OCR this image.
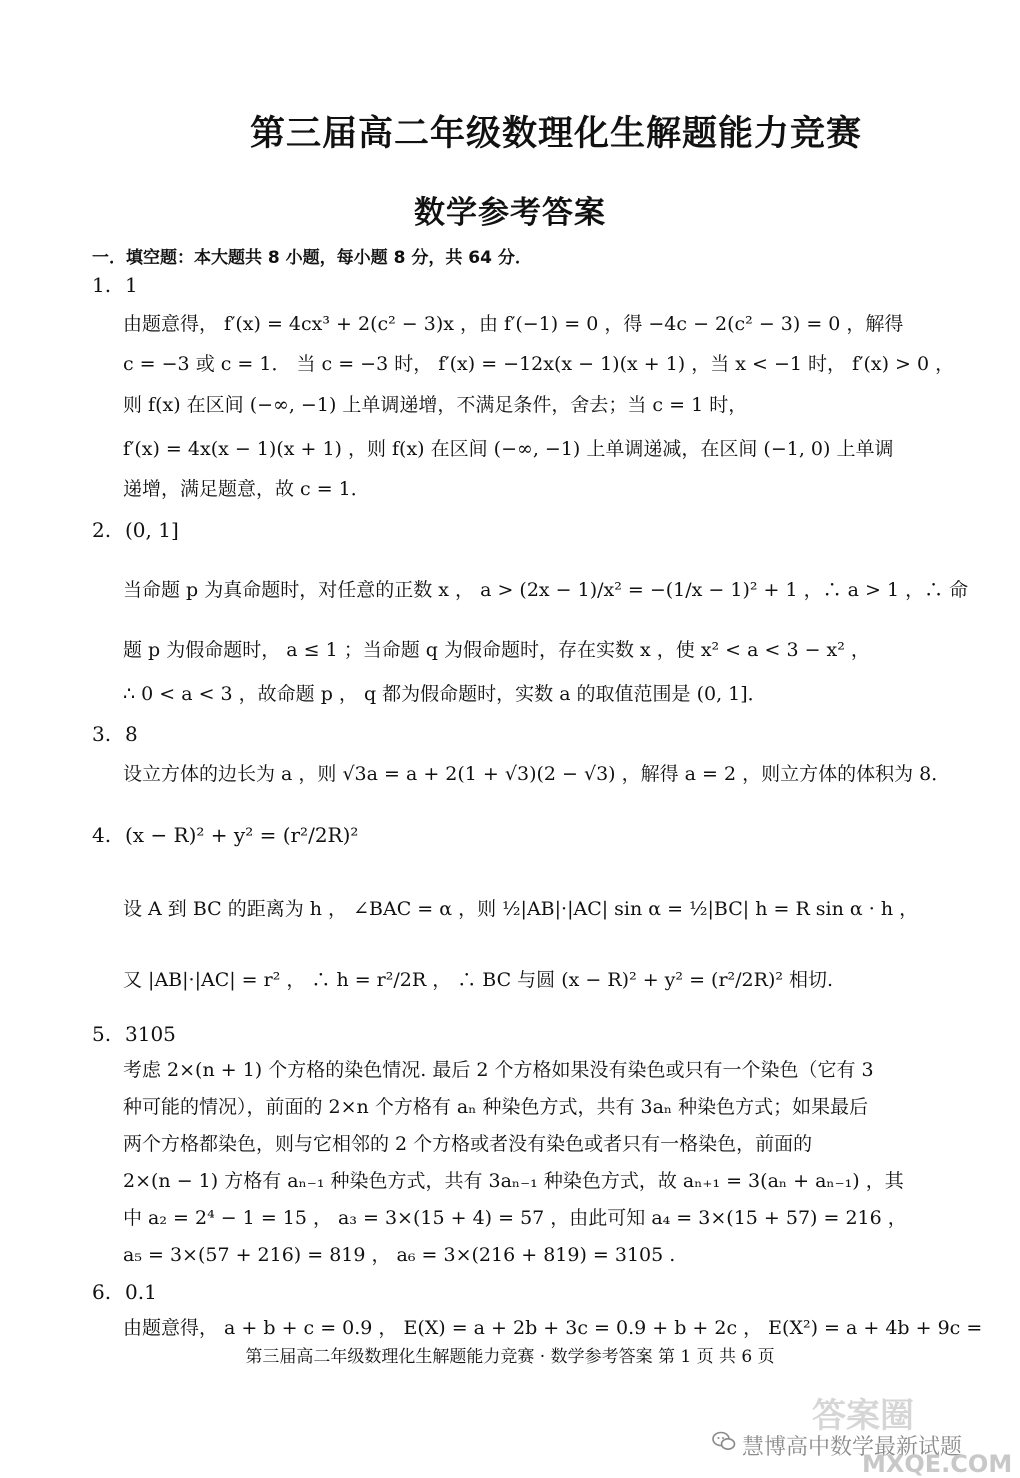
第三届高二年级数理化生解题能力竞赛
数学参考答案
一．填空题：本大题共 8 小题，每小题 8 分，共 64 分．
1. 1
由题意得， f′(x) = 4cx³ + 2(c² − 3)x ，由 f′(−1) = 0 ，得 −4c − 2(c² − 3) = 0 ，解得
c = −3 或 c = 1． 当 c = −3 时， f′(x) = −12x(x − 1)(x + 1) ，当 x < −1 时， f′(x) > 0 ，
则 f(x) 在区间 (−∞, −1) 上单调递增，不满足条件，舍去；当 c = 1 时，
f′(x) = 4x(x − 1)(x + 1) ，则 f(x) 在区间 (−∞, −1) 上单调递减，在区间 (−1, 0) 上单调
递增，满足题意，故 c = 1．
2. (0, 1]
当命题 p 为真命题时，对任意的正数 x ， a > (2x − 1)/x² = −(1/x − 1)² + 1 ，∴ a > 1 ，∴ 命
题 p 为假命题时， a ≤ 1 ；当命题 q 为假命题时，存在实数 x ，使 x² < a < 3 − x² ，
∴ 0 < a < 3 ，故命题 p ， q 都为假命题时，实数 a 的取值范围是 (0, 1]．
3. 8
设立方体的边长为 a ，则 √3a = a + 2(1 + √3)(2 − √3) ，解得 a = 2 ，则立方体的体积为 8．
4. (x − R)² + y² = (r²/2R)²
设 A 到 BC 的距离为 h ， ∠BAC = α ，则 ½|AB|·|AC| sin α = ½|BC| h = R sin α · h ，
又 |AB|·|AC| = r² ， ∴ h = r²/2R ， ∴ BC 与圆 (x − R)² + y² = (r²/2R)² 相切.
5. 3105
考虑 2×(n + 1) 个方格的染色情况. 最后 2 个方格如果没有染色或只有一个染色（它有 3
种可能的情况），前面的 2×n 个方格有 aₙ 种染色方式，共有 3aₙ 种染色方式；如果最后
两个方格都染色，则与它相邻的 2 个方格或者没有染色或者只有一格染色，前面的
2×(n − 1) 方格有 aₙ₋₁ 种染色方式，共有 3aₙ₋₁ 种染色方式，故 aₙ₊₁ = 3(aₙ + aₙ₋₁) ，其
中 a₂ = 2⁴ − 1 = 15 ， a₃ = 3×(15 + 4) = 57 ，由此可知 a₄ = 3×(15 + 57) = 216 ，
a₅ = 3×(57 + 216) = 819 ， a₆ = 3×(216 + 819) = 3105 .
6. 0.1
由题意得， a + b + c = 0.9 ， E(X) = a + 2b + 3c = 0.9 + b + 2c ， E(X²) = a + 4b + 9c =
第三届高二年级数理化生解题能力竞赛 · 数学参考答案 第 1 页 共 6 页
答案圈
慧博高中数学最新试题
MXQE.COM
